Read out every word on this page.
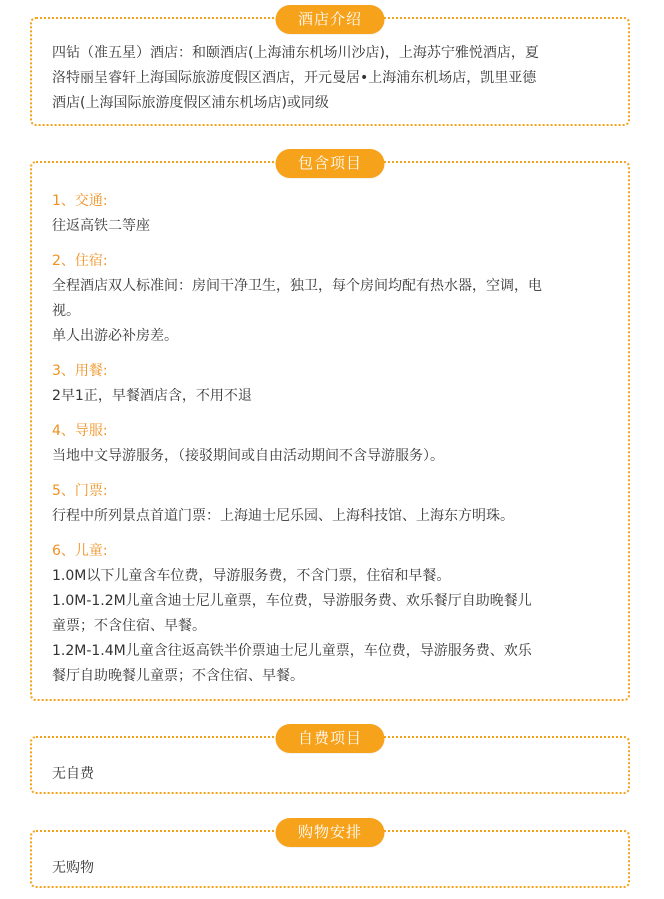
酒店介绍

四钻（准五星）酒店：和颐酒店(上海浦东机场川沙店)，上海苏宁雅悦酒店，夏

洛特丽呈睿轩上海国际旅游度假区酒店，开元曼居•上海浦东机场店，凯里亚德

酒店(上海国际旅游度假区浦东机场店)或同级

包含项目

1、交通:

往返高铁二等座

2、住宿:

全程酒店双人标准间：房间干净卫生，独卫，每个房间均配有热水器，空调，电

视。

单人出游必补房差。

3、用餐:

2早1正，早餐酒店含，不用不退

4、导服:

当地中文导游服务，（接驳期间或自由活动期间不含导游服务）。

5、门票:

行程中所列景点首道门票：上海迪士尼乐园、上海科技馆、上海东方明珠。

6、儿童:

1.0M以下儿童含车位费，导游服务费，不含门票，住宿和早餐。

1.0M-1.2M儿童含迪士尼儿童票，车位费，导游服务费、欢乐餐厅自助晚餐儿

童票；不含住宿、早餐。

1.2M-1.4M儿童含往返高铁半价票迪士尼儿童票，车位费，导游服务费、欢乐

餐厅自助晚餐儿童票；不含住宿、早餐。

自费项目

无自费

购物安排

无购物
